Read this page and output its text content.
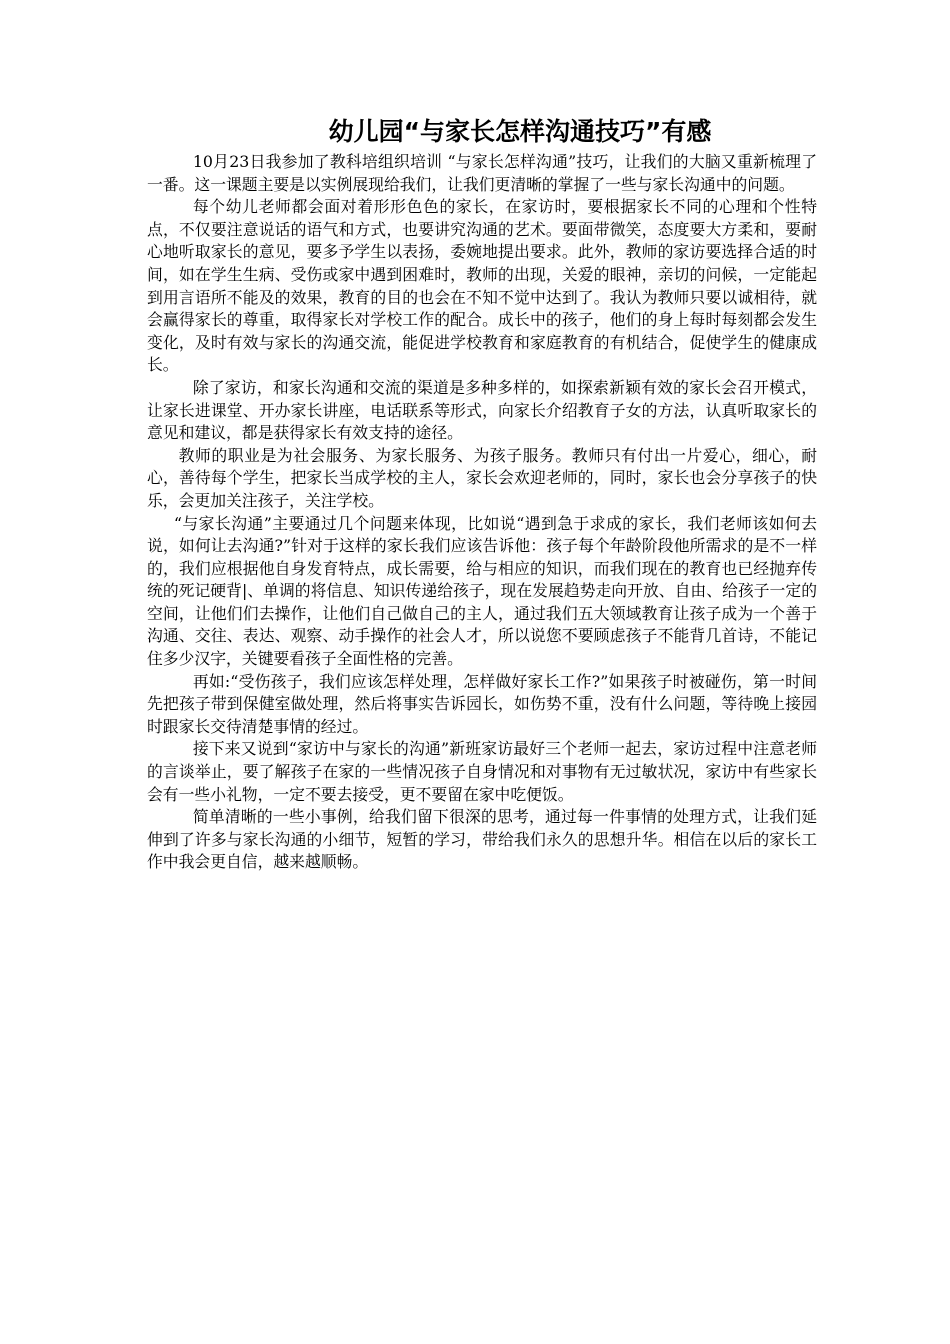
幼儿园“与家长怎样沟通技巧”有感

10月23日我参加了教科培组织培训 “与家长怎样沟通”技巧，让我们的大脑又重新梳理了一番。这一课题主要是以实例展现给我们，让我们更清晰的掌握了一些与家长沟通中的问题。

每个幼儿老师都会面对着形形色色的家长，在家访时，要根据家长不同的心理和个性特点，不仅要注意说话的语气和方式，也要讲究沟通的艺术。要面带微笑，态度要大方柔和，要耐心地听取家长的意见，要多予学生以表扬，委婉地提出要求。此外，教师的家访要选择合适的时间，如在学生生病、受伤或家中遇到困难时，教师的出现，关爱的眼神，亲切的问候，一定能起到用言语所不能及的效果，教育的目的也会在不知不觉中达到了。我认为教师只要以诚相待，就会赢得家长的尊重，取得家长对学校工作的配合。成长中的孩子，他们的身上每时每刻都会发生变化，及时有效与家长的沟通交流，能促进学校教育和家庭教育的有机结合，促使学生的健康成长。

除了家访，和家长沟通和交流的渠道是多种多样的，如探索新颖有效的家长会召开模式，让家长进课堂、开办家长讲座，电话联系等形式，向家长介绍教育子女的方法，认真听取家长的意见和建议，都是获得家长有效支持的途径。

教师的职业是为社会服务、为家长服务、为孩子服务。教师只有付出一片爱心，细心，耐心，善待每个学生，把家长当成学校的主人，家长会欢迎老师的，同时，家长也会分享孩子的快乐，会更加关注孩子，关注学校。

“与家长沟通”主要通过几个问题来体现，比如说“遇到急于求成的家长，我们老师该如何去说，如何让去沟通?”针对于这样的家长我们应该告诉他：孩子每个年龄阶段他所需求的是不一样的，我们应根据他自身发育特点，成长需要，给与相应的知识，而我们现在的教育也已经抛弃传统的死记硬背|、单调的将信息、知识传递给孩子，现在发展趋势走向开放、自由、给孩子一定的空间，让他们们去操作，让他们自己做自己的主人，通过我们五大领域教育让孩子成为一个善于沟通、交往、表达、观察、动手操作的社会人才，所以说您不要顾虑孩子不能背几首诗，不能记住多少汉字，关键要看孩子全面性格的完善。

再如:“受伤孩子，我们应该怎样处理，怎样做好家长工作?”如果孩子时被碰伤，第一时间先把孩子带到保健室做处理，然后将事实告诉园长，如伤势不重，没有什么问题，等待晚上接园时跟家长交待清楚事情的经过。

接下来又说到“家访中与家长的沟通”新班家访最好三个老师一起去，家访过程中注意老师的言谈举止，要了解孩子在家的一些情况孩子自身情况和对事物有无过敏状况，家访中有些家长会有一些小礼物，一定不要去接受，更不要留在家中吃便饭。

简单清晰的一些小事例，给我们留下很深的思考，通过每一件事情的处理方式，让我们延伸到了许多与家长沟通的小细节，短暂的学习，带给我们永久的思想升华。相信在以后的家长工作中我会更自信，越来越顺畅。
